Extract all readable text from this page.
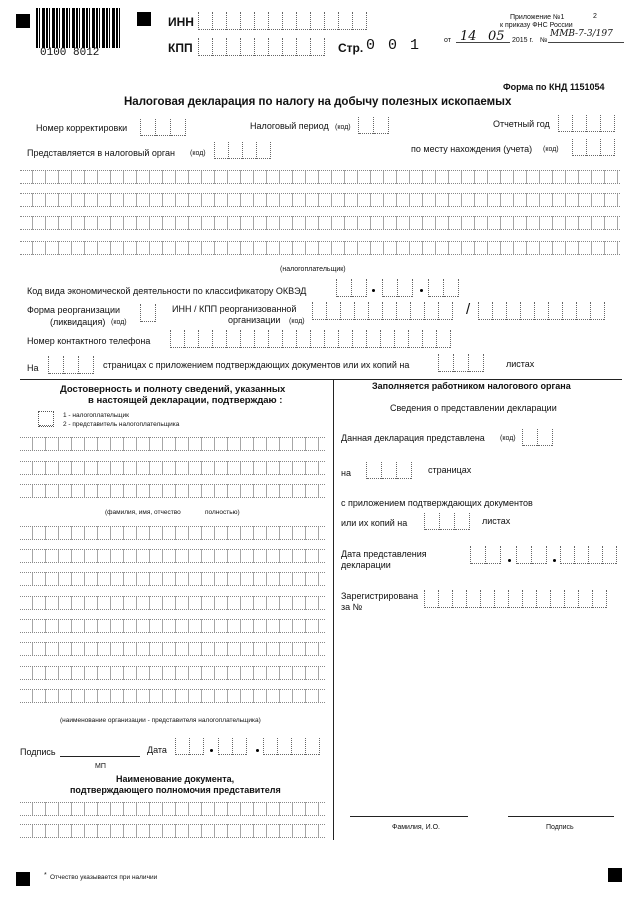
0100 8012
ИНН
КПП	Стр. 0 0 1
2
Приложение №1
к приказу ФНС России
от 14 05 2015 г. №
ММВ-7-3/197
Форма по КНД 1151054
Налоговая декларация по налогу на добычу полезных ископаемых
Номер корректировки	Налоговый период (код)	Отчетный год
Представляется в налоговый орган (код)	по месту нахождения (учета) (код)
(налогоплательщик)
Код вида экономической деятельности по классификатору ОКВЭД
Форма реорганизации
(ликвидация) (код)
ИНН / КПП реорганизованной
организации (код)
/
Номер контактного телефона
На	страницах с приложением подтверждающих документов или их копий на	листах
Достоверность и полноту сведений, указанных
в настоящей декларации, подтверждаю :
1 - налогоплательщик
2 - представитель налогоплательщика
(фамилия, имя, отчество	полностью)
(наименование организации - представителя налогоплательщика)
Подпись	Дата
МП
Наименование документа,
подтверждающего полномочия представителя
Заполняется работником налогового органа
Сведения о представлении декларации
Данная декларация представлена (код)
на	страницах
с приложением подтверждающих документов
или их копий на	листах
Дата представления
декларации
Зарегистрирована
за №
Фамилия, И.О.	Подпись
* Отчество указывается при наличии
